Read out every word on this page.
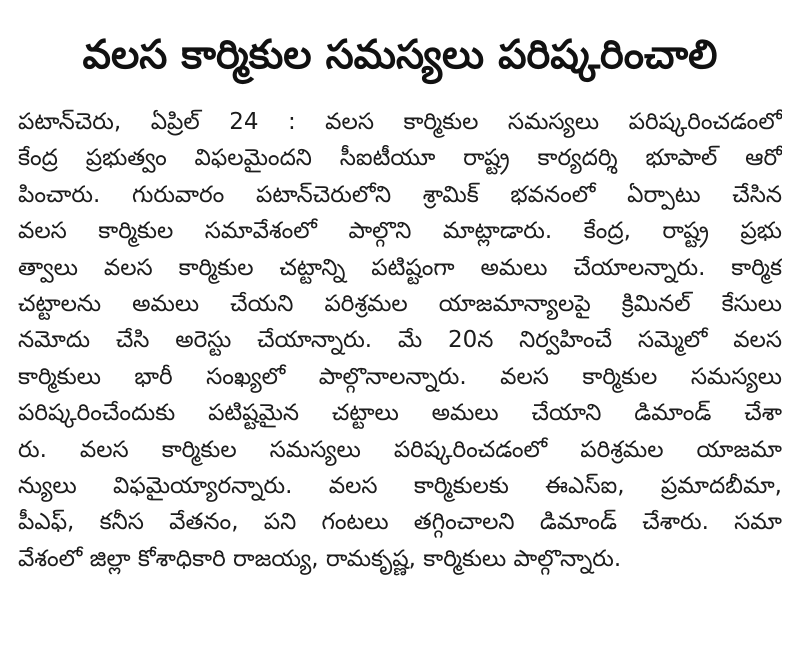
వలస కార్మికుల సమస్యలు పరిష్కరించాలి
పటాన్‌చెరు, ఏప్రిల్ 24 : వలస కార్మికుల సమస్యలు పరిష్కరించడంలో
కేంద్ర ప్రభుత్వం విఫలమైందని సీఐటీయూ రాష్ట్ర కార్యదర్శి భూపాల్ ఆరో
పించారు. గురువారం పటాన్‌చెరులోని శ్రామిక్ భవనంలో ఏర్పాటు చేసిన
వలస కార్మికుల సమావేశంలో పాల్గొని మాట్లాడారు. కేంద్ర, రాష్ట్ర ప్రభు
త్వాలు వలస కార్మికుల చట్టాన్ని పటిష్టంగా అమలు చేయాలన్నారు. కార్మిక
చట్టాలను అమలు చేయని పరిశ్రమల యాజమాన్యాలపై క్రిమినల్ కేసులు
నమోదు చేసి అరెస్టు చేయాన్నారు. మే 20న నిర్వహించే సమ్మెలో వలస
కార్మికులు భారీ సంఖ్యలో పాల్గొనాలన్నారు. వలస కార్మికుల సమస్యలు
పరిష్కరించేందుకు పటిష్టమైన చట్టాలు అమలు చేయాని డిమాండ్ చేశా
రు. వలస కార్మికుల సమస్యలు పరిష్కరించడంలో పరిశ్రమల యాజమా
న్యులు విఫమైయ్యారన్నారు. వలస కార్మికులకు ఈఎస్ఐ, ప్రమాదబీమా,
పీఎఫ్, కనీస వేతనం, పని గంటలు తగ్గించాలని డిమాండ్ చేశారు. సమా
వేశంలో జిల్లా కోశాధికారి రాజయ్య, రామకృష్ణ, కార్మికులు పాల్గొన్నారు.
